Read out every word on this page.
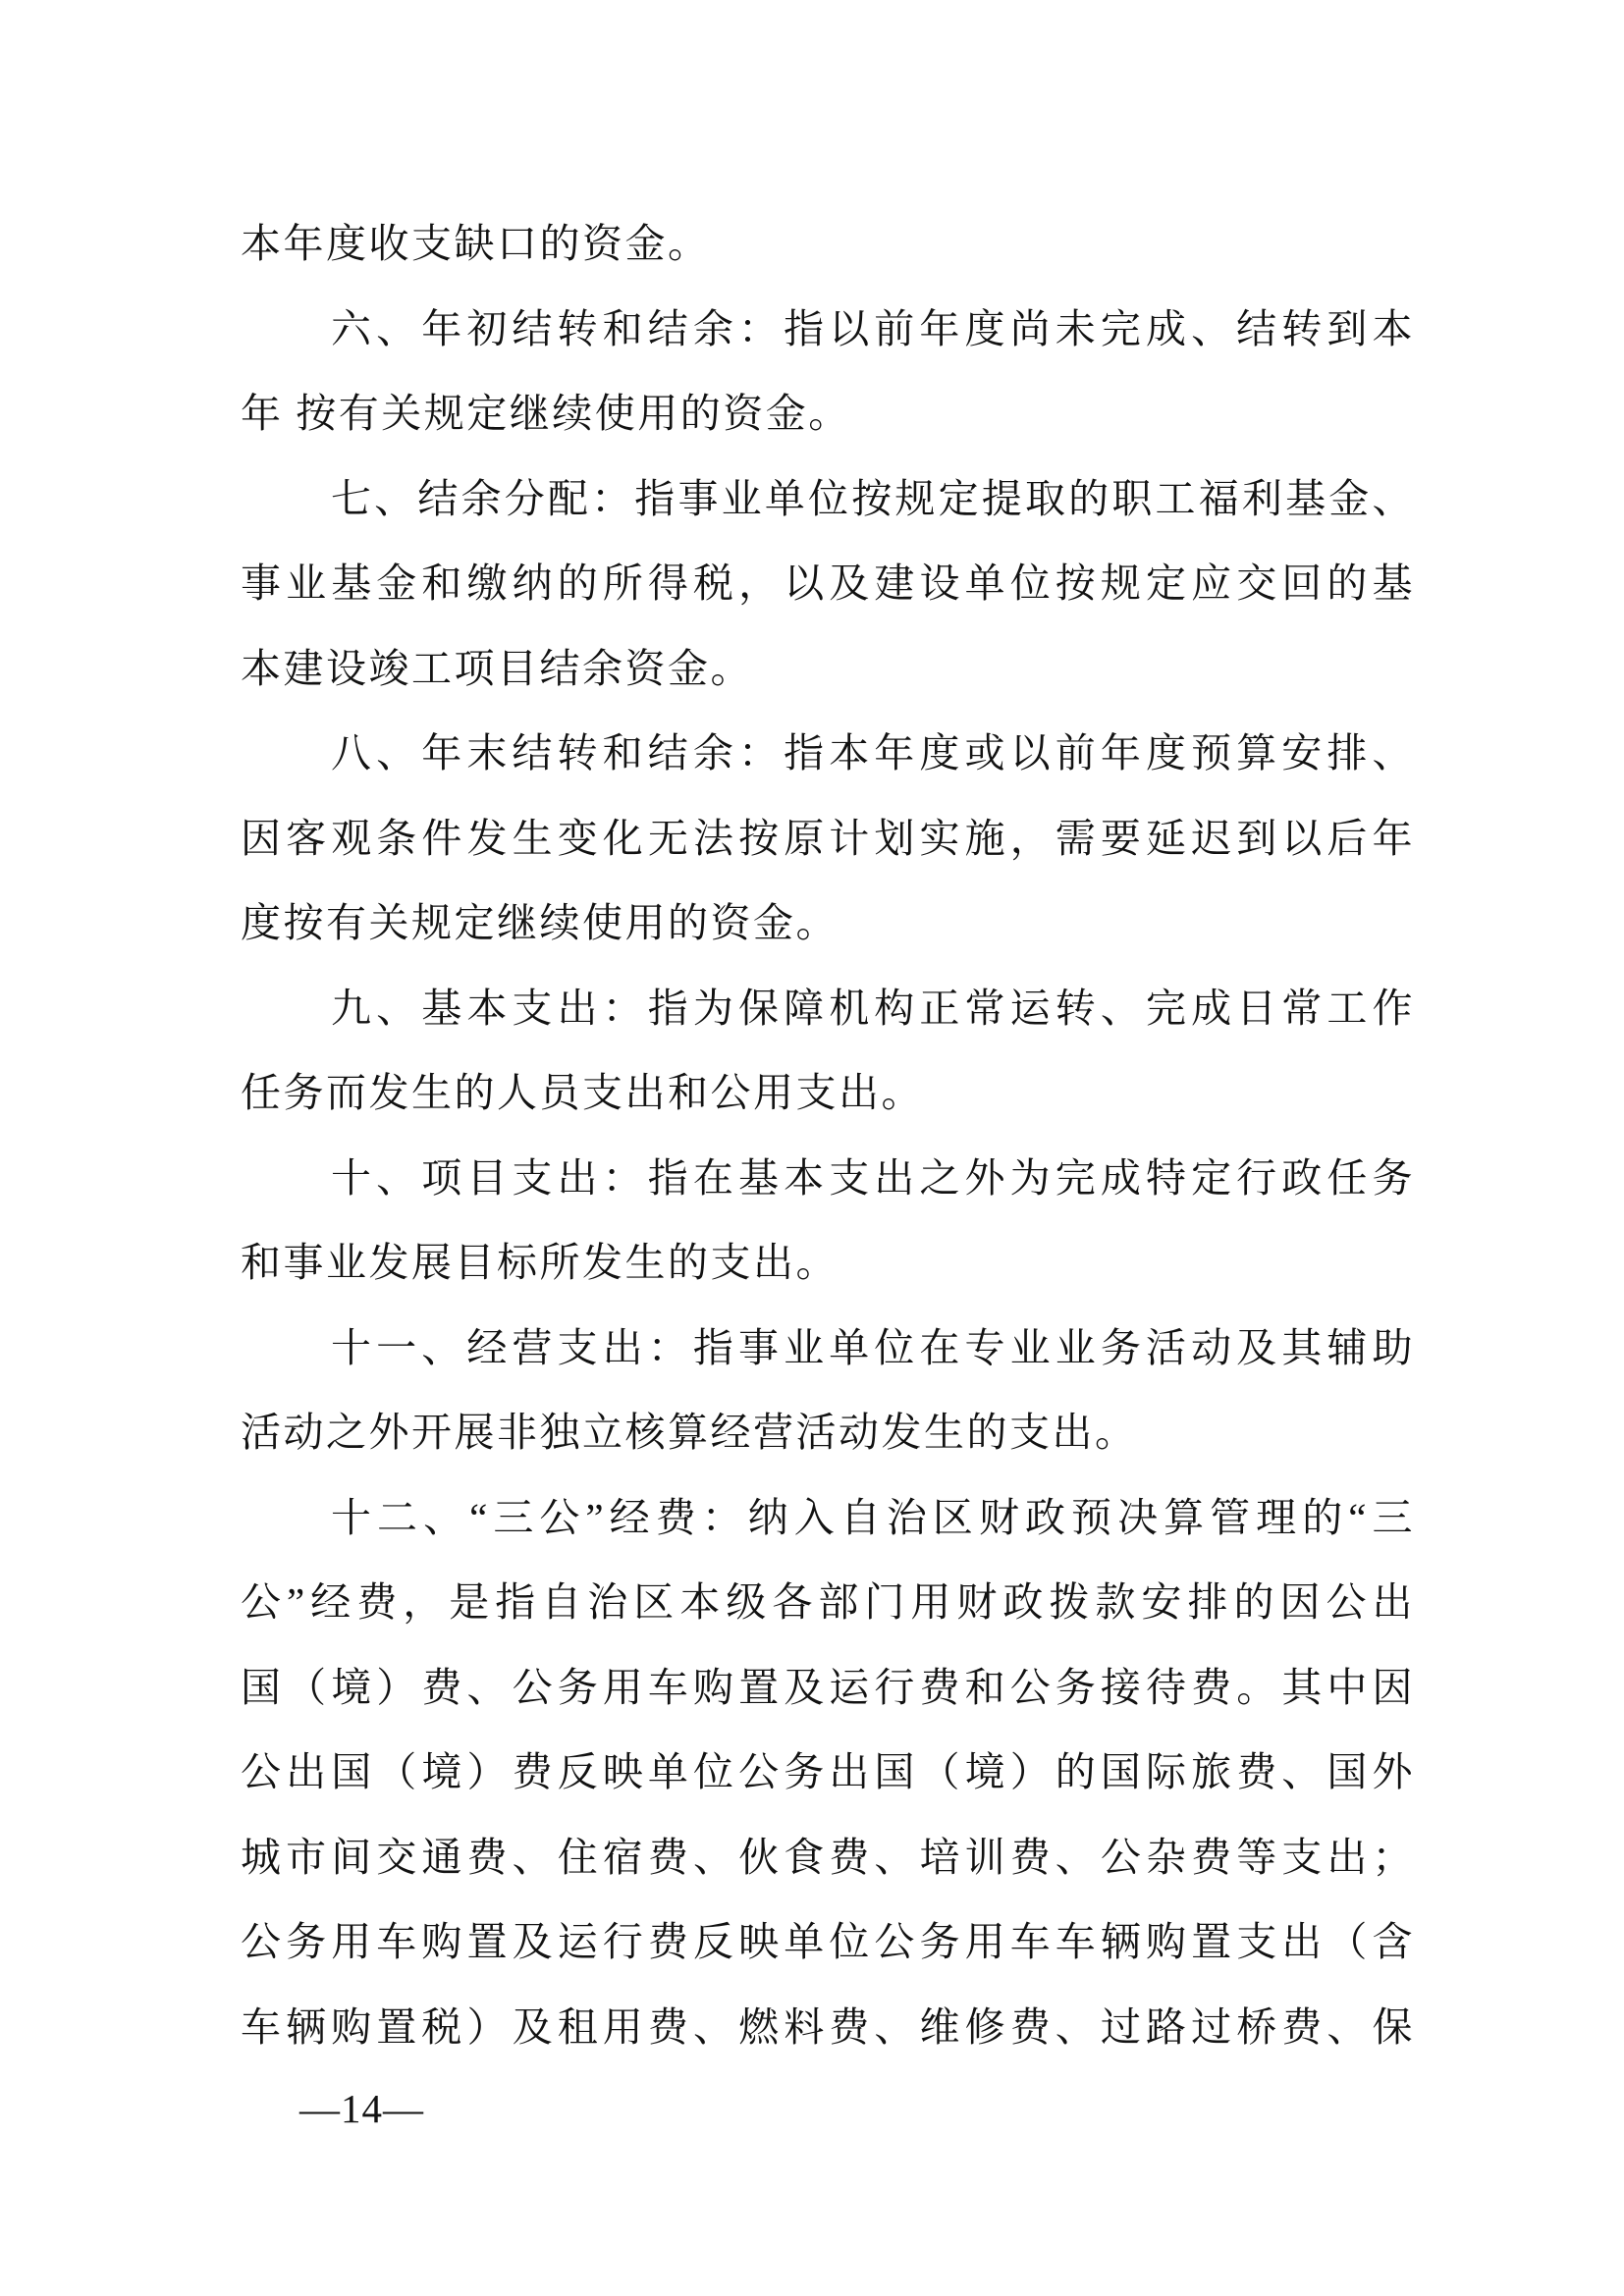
本年度收支缺口的资金。
六、年初结转和结余：指以前年度尚未完成、结转到本
年 按有关规定继续使用的资金。
七、结余分配：指事业单位按规定提取的职工福利基金、
事业基金和缴纳的所得税，以及建设单位按规定应交回的基
本建设竣工项目结余资金。
八、年末结转和结余：指本年度或以前年度预算安排、
因客观条件发生变化无法按原计划实施，需要延迟到以后年
度按有关规定继续使用的资金。
九、基本支出：指为保障机构正常运转、完成日常工作
任务而发生的人员支出和公用支出。
十、项目支出：指在基本支出之外为完成特定行政任务
和事业发展目标所发生的支出。
十一、经营支出：指事业单位在专业业务活动及其辅助
活动之外开展非独立核算经营活动发生的支出。
十二、“三公”经费：纳入自治区财政预决算管理的“三
公”经费，是指自治区本级各部门用财政拨款安排的因公出
国（境）费、公务用车购置及运行费和公务接待费。其中因
公出国（境）费反映单位公务出国（境）的国际旅费、国外
城市间交通费、住宿费、伙食费、培训费、公杂费等支出；
公务用车购置及运行费反映单位公务用车车辆购置支出（含
车辆购置税）及租用费、燃料费、维修费、过路过桥费、保
—14—
